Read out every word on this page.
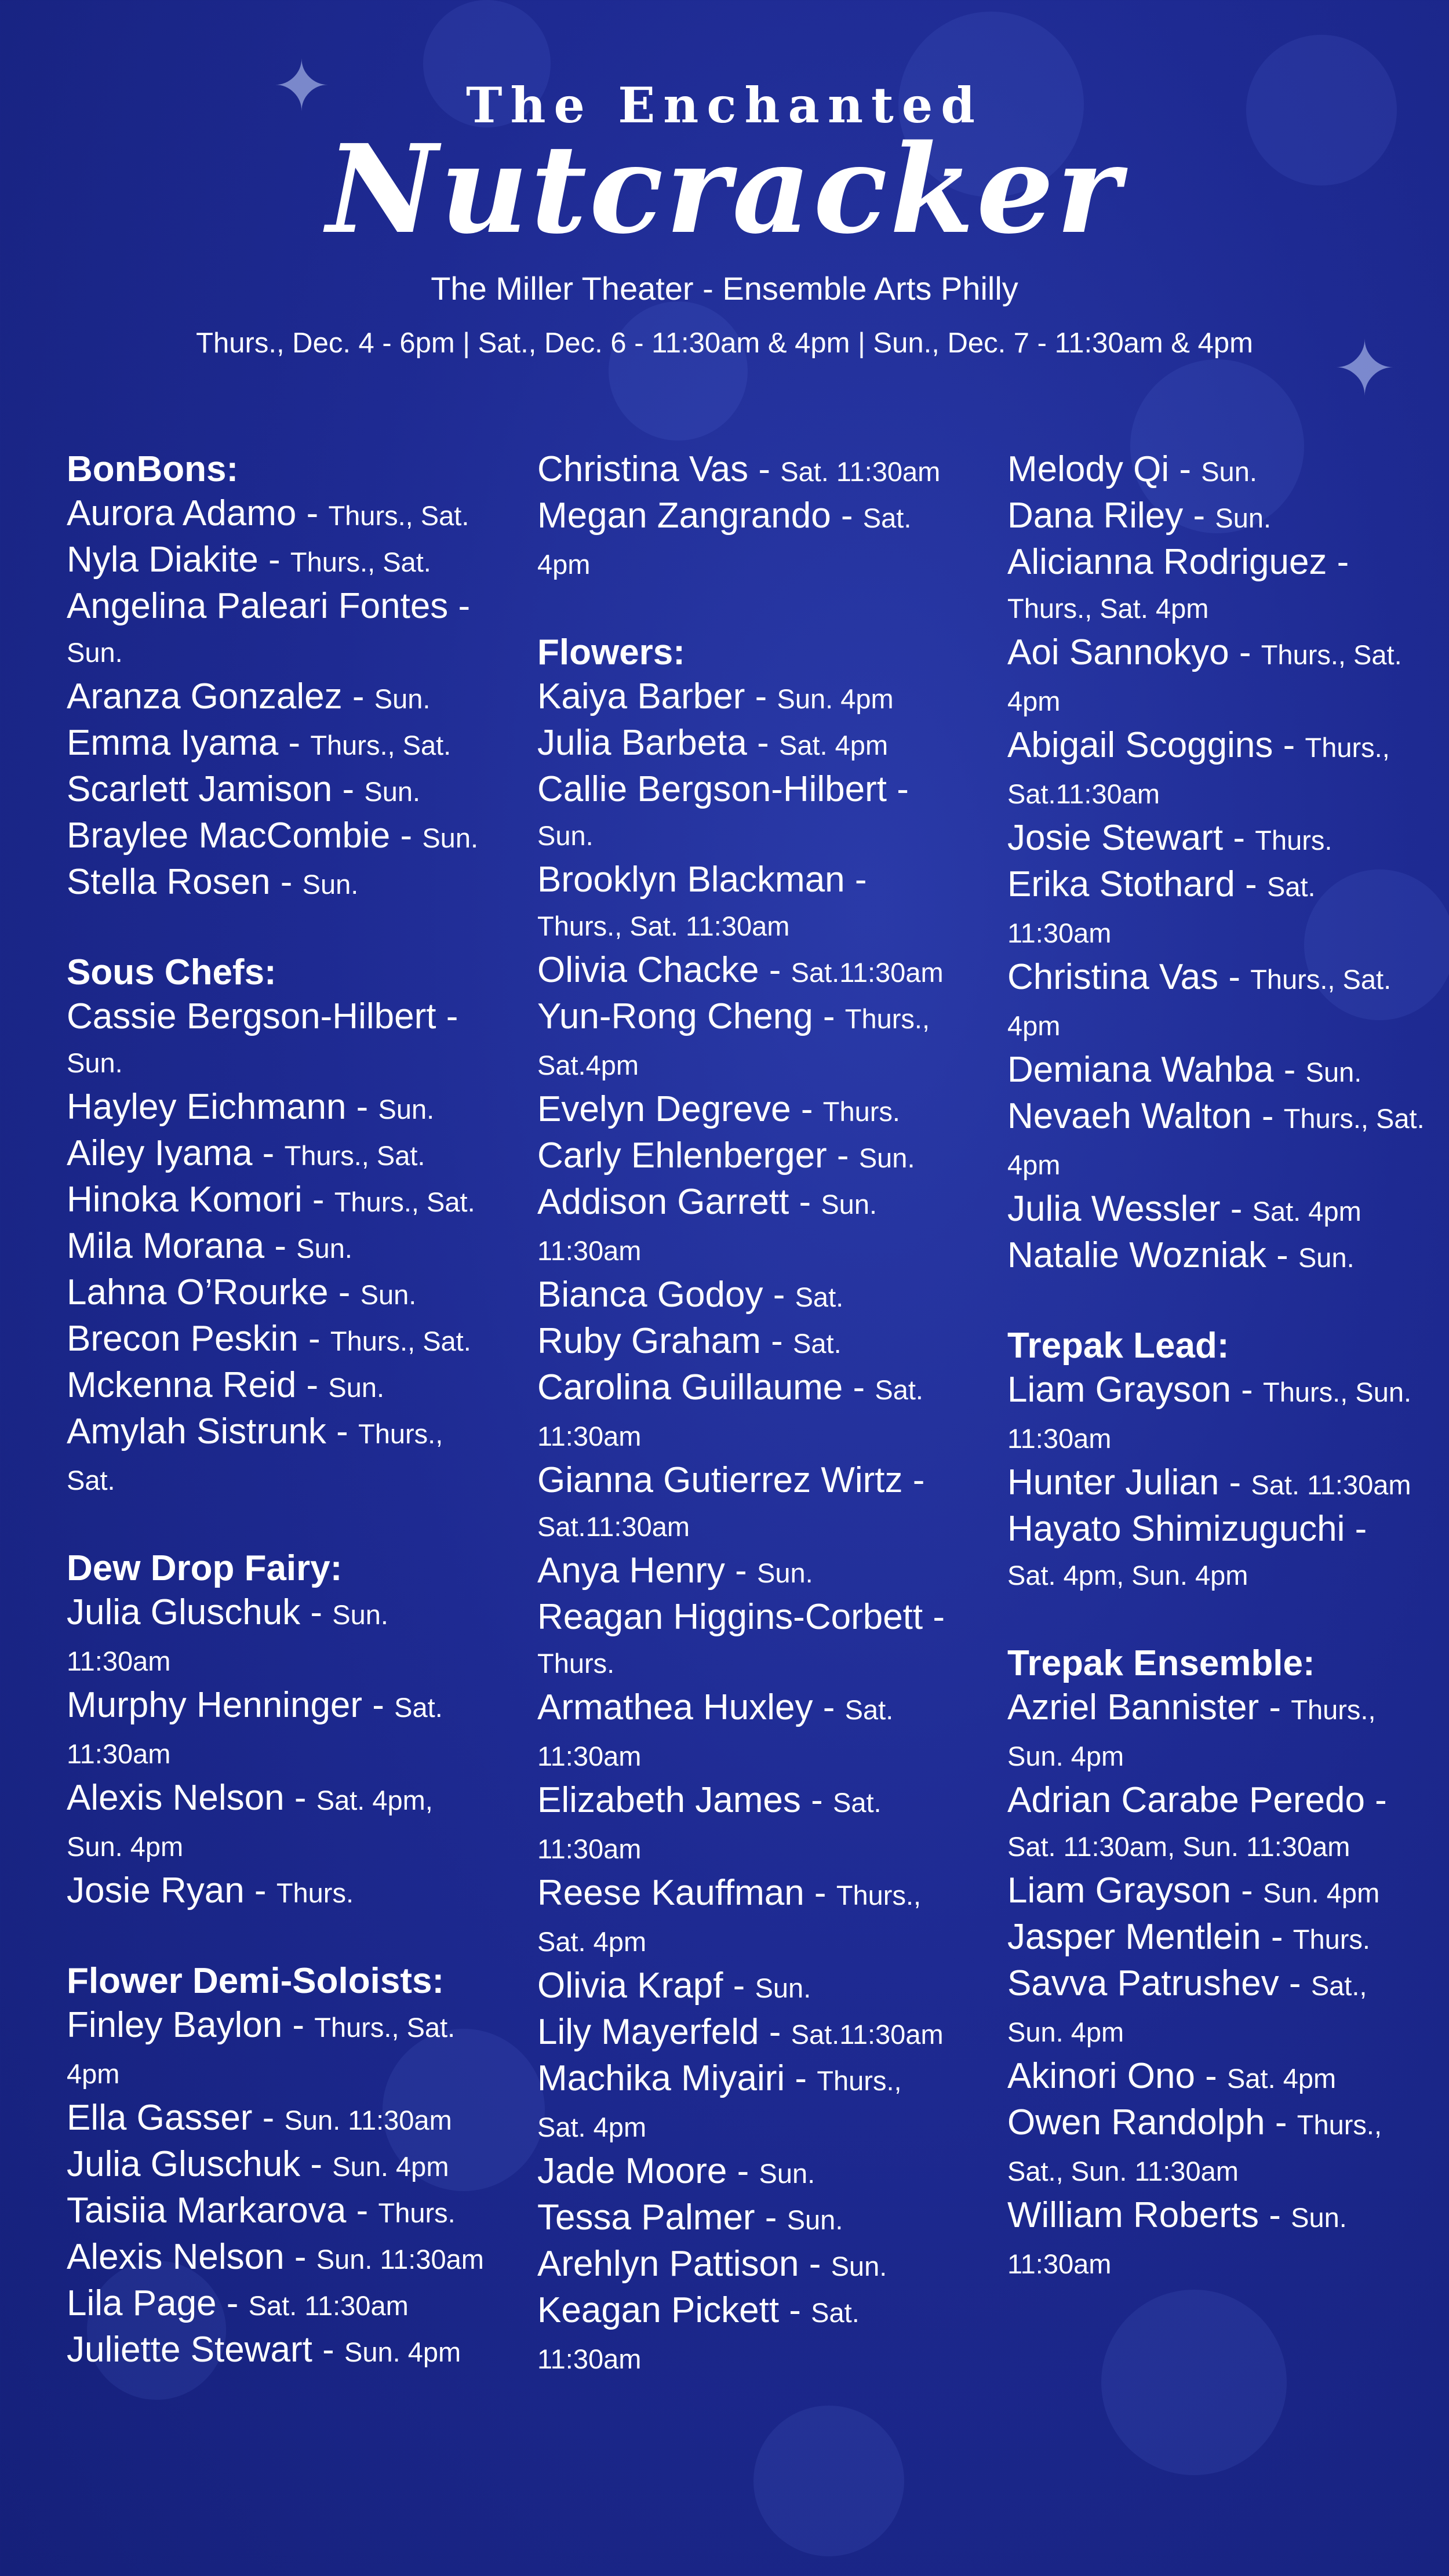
✦
✦
The Enchanted
Nutcracker
The Miller Theater - Ensemble Arts Philly
Thurs., Dec. 4 - 6pm | Sat., Dec. 6 - 11:30am & 4pm | Sun., Dec. 7 - 11:30am & 4pm
BonBons:
Aurora Adamo - Thurs., Sat.
Nyla Diakite - Thurs., Sat.
Angelina Paleari Fontes - Sun.
Aranza Gonzalez - Sun.
Emma Iyama - Thurs., Sat.
Scarlett Jamison - Sun.
Braylee MacCombie - Sun.
Stella Rosen - Sun.
Sous Chefs:
Cassie Bergson-Hilbert - Sun.
Hayley Eichmann - Sun.
Ailey Iyama - Thurs., Sat.
Hinoka Komori - Thurs., Sat.
Mila Morana - Sun.
Lahna O’Rourke - Sun.
Brecon Peskin - Thurs., Sat.
Mckenna Reid - Sun.
Amylah Sistrunk - Thurs., Sat.
Dew Drop Fairy:
Julia Gluschuk - Sun. 11:30am
Murphy Henninger - Sat. 11:30am
Alexis Nelson - Sat. 4pm, Sun. 4pm
Josie Ryan - Thurs.
Flower Demi-Soloists:
Finley Baylon - Thurs., Sat. 4pm
Ella Gasser - Sun. 11:30am
Julia Gluschuk - Sun. 4pm
Taisiia Markarova - Thurs.
Alexis Nelson - Sun. 11:30am
Lila Page - Sat. 11:30am
Juliette Stewart - Sun. 4pm
Christina Vas - Sat. 11:30am
Megan Zangrando - Sat. 4pm
Flowers:
Kaiya Barber - Sun. 4pm
Julia Barbeta - Sat. 4pm
Callie Bergson-Hilbert - Sun.
Brooklyn Blackman - Thurs., Sat. 11:30am
Olivia Chacke - Sat.11:30am
Yun-Rong Cheng - Thurs., Sat.4pm
Evelyn Degreve - Thurs.
Carly Ehlenberger - Sun.
Addison Garrett - Sun. 11:30am
Bianca Godoy - Sat.
Ruby Graham - Sat.
Carolina Guillaume - Sat. 11:30am
Gianna Gutierrez Wirtz - Sat.11:30am
Anya Henry - Sun.
Reagan Higgins-Corbett - Thurs.
Armathea Huxley - Sat. 11:30am
Elizabeth James - Sat. 11:30am
Reese Kauffman - Thurs., Sat. 4pm
Olivia Krapf - Sun.
Lily Mayerfeld - Sat.11:30am
Machika Miyairi - Thurs., Sat. 4pm
Jade Moore - Sun.
Tessa Palmer - Sun.
Arehlyn Pattison - Sun.
Keagan Pickett - Sat. 11:30am
Melody Qi - Sun.
Dana Riley - Sun.
Alicianna Rodriguez - Thurs., Sat. 4pm
Aoi Sannokyo - Thurs., Sat. 4pm
Abigail Scoggins - Thurs., Sat.11:30am
Josie Stewart - Thurs.
Erika Stothard - Sat. 11:30am
Christina Vas - Thurs., Sat. 4pm
Demiana Wahba - Sun.
Nevaeh Walton - Thurs., Sat. 4pm
Julia Wessler - Sat. 4pm
Natalie Wozniak - Sun.
Trepak Lead:
Liam Grayson - Thurs., Sun. 11:30am
Hunter Julian - Sat. 11:30am
Hayato Shimizuguchi - Sat. 4pm, Sun. 4pm
Trepak Ensemble:
Azriel Bannister - Thurs., Sun. 4pm
Adrian Carabe Peredo - Sat. 11:30am, Sun. 11:30am
Liam Grayson - Sun. 4pm
Jasper Mentlein - Thurs.
Savva Patrushev - Sat., Sun. 4pm
Akinori Ono - Sat. 4pm
Owen Randolph - Thurs., Sat., Sun. 11:30am
William Roberts - Sun. 11:30am
